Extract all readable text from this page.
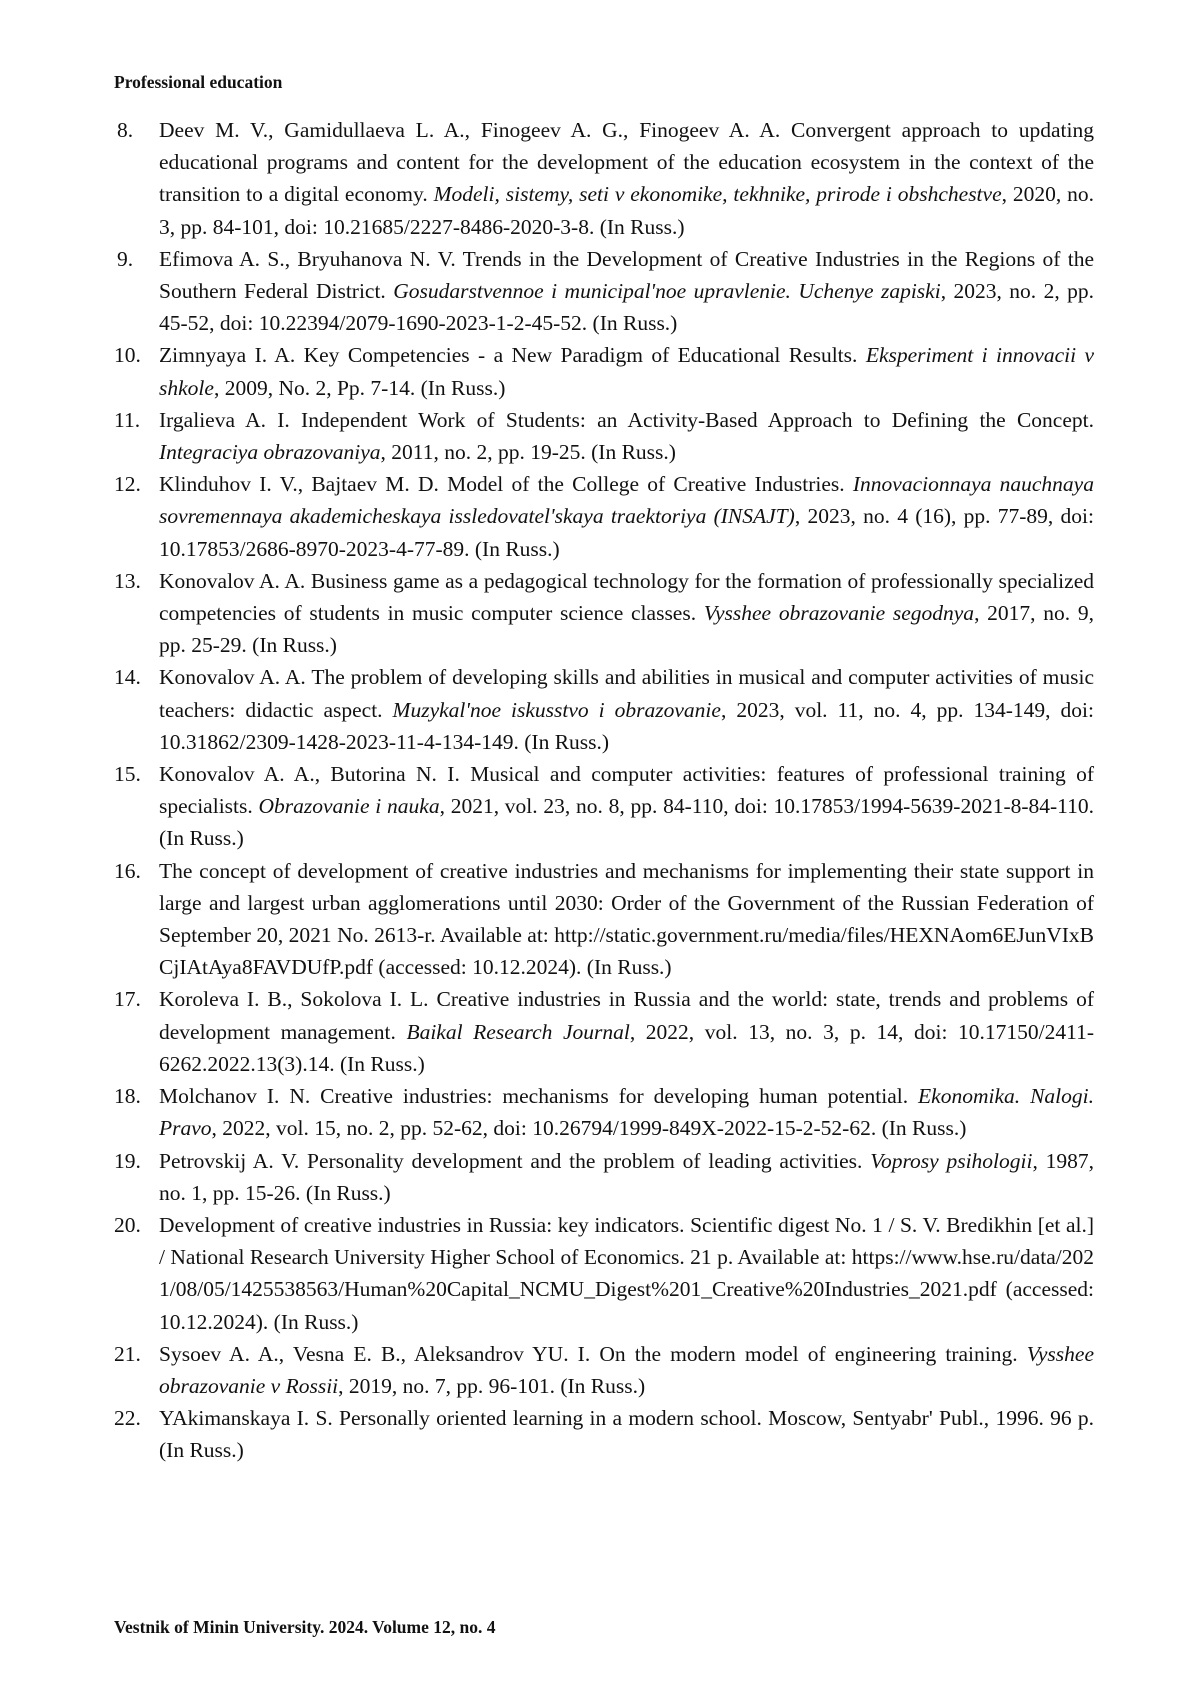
Professional education
8. Deev M. V., Gamidullaeva L. A., Finogeev A. G., Finogeev A. A. Convergent approach to updating educational programs and content for the development of the education ecosystem in the context of the transition to a digital economy. Modeli, sistemy, seti v ekonomike, tekhnike, prirode i obshchestve, 2020, no. 3, pp. 84-101, doi: 10.21685/2227-8486-2020-3-8. (In Russ.)
9. Efimova A. S., Bryuhanova N. V. Trends in the Development of Creative Industries in the Regions of the Southern Federal District. Gosudarstvennoe i municipal'noe upravlenie. Uchenye zapiski, 2023, no. 2, pp. 45-52, doi: 10.22394/2079-1690-2023-1-2-45-52. (In Russ.)
10. Zimnyaya I. A. Key Competencies - a New Paradigm of Educational Results. Eksperiment i innovacii v shkole, 2009, No. 2, Pp. 7-14. (In Russ.)
11. Irgalieva A. I. Independent Work of Students: an Activity-Based Approach to Defining the Concept. Integraciya obrazovaniya, 2011, no. 2, pp. 19-25. (In Russ.)
12. Klinduhov I. V., Bajtaev M. D. Model of the College of Creative Industries. Innovacionnaya nauchnaya sovremennaya akademicheskaya issledovatel'skaya traektoriya (INSAJT), 2023, no. 4 (16), pp. 77-89, doi: 10.17853/2686-8970-2023-4-77-89. (In Russ.)
13. Konovalov A. A. Business game as a pedagogical technology for the formation of professionally specialized competencies of students in music computer science classes. Vysshee obrazovanie segodnya, 2017, no. 9, pp. 25-29. (In Russ.)
14. Konovalov A. A. The problem of developing skills and abilities in musical and computer activities of music teachers: didactic aspect. Muzykal'noe iskusstvo i obrazovanie, 2023, vol. 11, no. 4, pp. 134-149, doi: 10.31862/2309-1428-2023-11-4-134-149. (In Russ.)
15. Konovalov A. A., Butorina N. I. Musical and computer activities: features of professional training of specialists. Obrazovanie i nauka, 2021, vol. 23, no. 8, pp. 84-110, doi: 10.17853/1994-5639-2021-8-84-110. (In Russ.)
16. The concept of development of creative industries and mechanisms for implementing their state support in large and largest urban agglomerations until 2030: Order of the Government of the Russian Federation of September 20, 2021 No. 2613-r. Available at: http://static.government.ru/media/files/HEXNAom6EJunVIxBCjIAtAya8FAVDUfP.pdf (accessed: 10.12.2024). (In Russ.)
17. Koroleva I. B., Sokolova I. L. Creative industries in Russia and the world: state, trends and problems of development management. Baikal Research Journal, 2022, vol. 13, no. 3, p. 14, doi: 10.17150/2411-6262.2022.13(3).14. (In Russ.)
18. Molchanov I. N. Creative industries: mechanisms for developing human potential. Ekonomika. Nalogi. Pravo, 2022, vol. 15, no. 2, pp. 52-62, doi: 10.26794/1999-849X-2022-15-2-52-62. (In Russ.)
19. Petrovskij A. V. Personality development and the problem of leading activities. Voprosy psihologii, 1987, no. 1, pp. 15-26. (In Russ.)
20. Development of creative industries in Russia: key indicators. Scientific digest No. 1 / S. V. Bredikhin [et al.] / National Research University Higher School of Economics. 21 p. Available at: https://www.hse.ru/data/2021/08/05/1425538563/Human%20Capital_NCMU_Digest%201_Creative%20Industries_2021.pdf (accessed: 10.12.2024). (In Russ.)
21. Sysoev A. A., Vesna E. B., Aleksandrov YU. I. On the modern model of engineering training. Vysshee obrazovanie v Rossii, 2019, no. 7, pp. 96-101. (In Russ.)
22. YAkimanskaya I. S. Personally oriented learning in a modern school. Moscow, Sentyabr' Publ., 1996. 96 p. (In Russ.)
Vestnik of Minin University. 2024. Volume 12, no. 4
